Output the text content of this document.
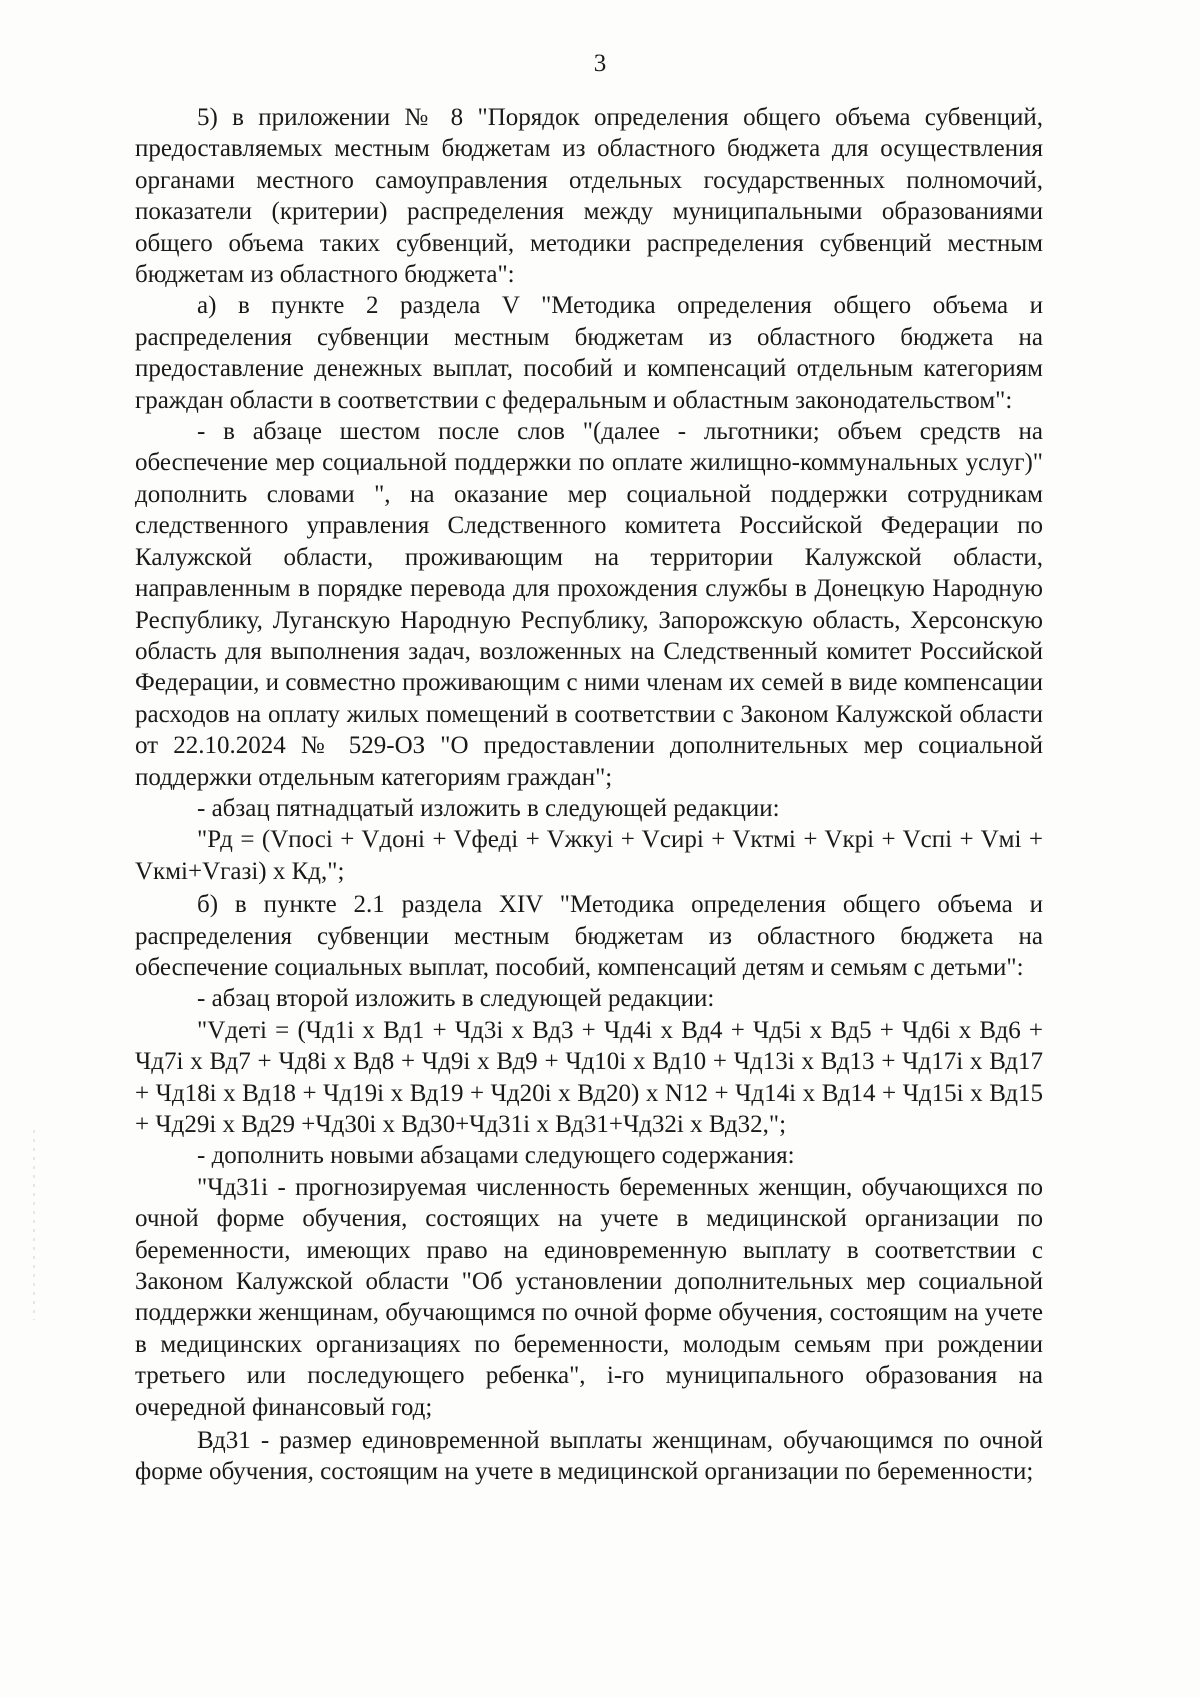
3

5) в приложении № 8 "Порядок определения общего объема субвенций, предоставляемых местным бюджетам из областного бюджета для осуществления органами местного самоуправления отдельных государственных полномочий, показатели (критерии) распределения между муниципальными образованиями общего объема таких субвенций, методики распределения субвенций местным бюджетам из областного бюджета":

а) в пункте 2 раздела V "Методика определения общего объема и распределения субвенции местным бюджетам из областного бюджета на предоставление денежных выплат, пособий и компенсаций отдельным категориям граждан области в соответствии с федеральным и областным законодательством":

- в абзаце шестом после слов "(далее - льготники; объем средств на обеспечение мер социальной поддержки по оплате жилищно-коммунальных услуг)" дополнить словами ", на оказание мер социальной поддержки сотрудникам следственного управления Следственного комитета Российской Федерации по Калужской области, проживающим на территории Калужской области, направленным в порядке перевода для прохождения службы в Донецкую Народную Республику, Луганскую Народную Республику, Запорожскую область, Херсонскую область для выполнения задач, возложенных на Следственный комитет Российской Федерации, и совместно проживающим с ними членам их семей в виде компенсации расходов на оплату жилых помещений в соответствии с Законом Калужской области от 22.10.2024 № 529-ОЗ "О предоставлении дополнительных мер социальной поддержки отдельным категориям граждан";

- абзац пятнадцатый изложить в следующей редакции:

"Рд = (Vпосi + Vдонi + Vфедi + Vжкуi + Vсирi + Vктмi + Vкрi + Vспi + Vмi + Vкмi+Vгазi) х Кд,";

б) в пункте 2.1 раздела XIV "Методика определения общего объема и распределения субвенции местным бюджетам из областного бюджета на обеспечение социальных выплат, пособий, компенсаций детям и семьям с детьми":

- абзац второй изложить в следующей редакции:

"Vдетi = (Чд1i х Вд1 + Чд3i х Вд3 + Чд4i х Вд4 + Чд5i х Вд5 + Чд6i х Вд6 + Чд7i х Вд7 + Чд8i х Вд8 + Чд9i х Вд9 + Чд10i х Вд10 + Чд13i х Вд13 + Чд17i х Вд17 + Чд18i х Вд18 + Чд19i х Вд19 + Чд20i х Вд20) х N12 + Чд14i х Вд14 + Чд15i х Вд15 + Чд29i х Вд29 +Чд30i х Вд30+Чд31i х Вд31+Чд32i х Вд32,";

- дополнить новыми абзацами следующего содержания:

"Чд31i - прогнозируемая численность беременных женщин, обучающихся по очной форме обучения, состоящих на учете в медицинской организации по беременности, имеющих право на единовременную выплату в соответствии с Законом Калужской области "Об установлении дополнительных мер социальной поддержки женщинам, обучающимся по очной форме обучения, состоящим на учете в медицинских организациях по беременности, молодым семьям при рождении третьего или последующего ребенка", i-го муниципального образования на очередной финансовый год;

Вд31 - размер единовременной выплаты женщинам, обучающимся по очной форме обучения, состоящим на учете в медицинской организации по беременности;
